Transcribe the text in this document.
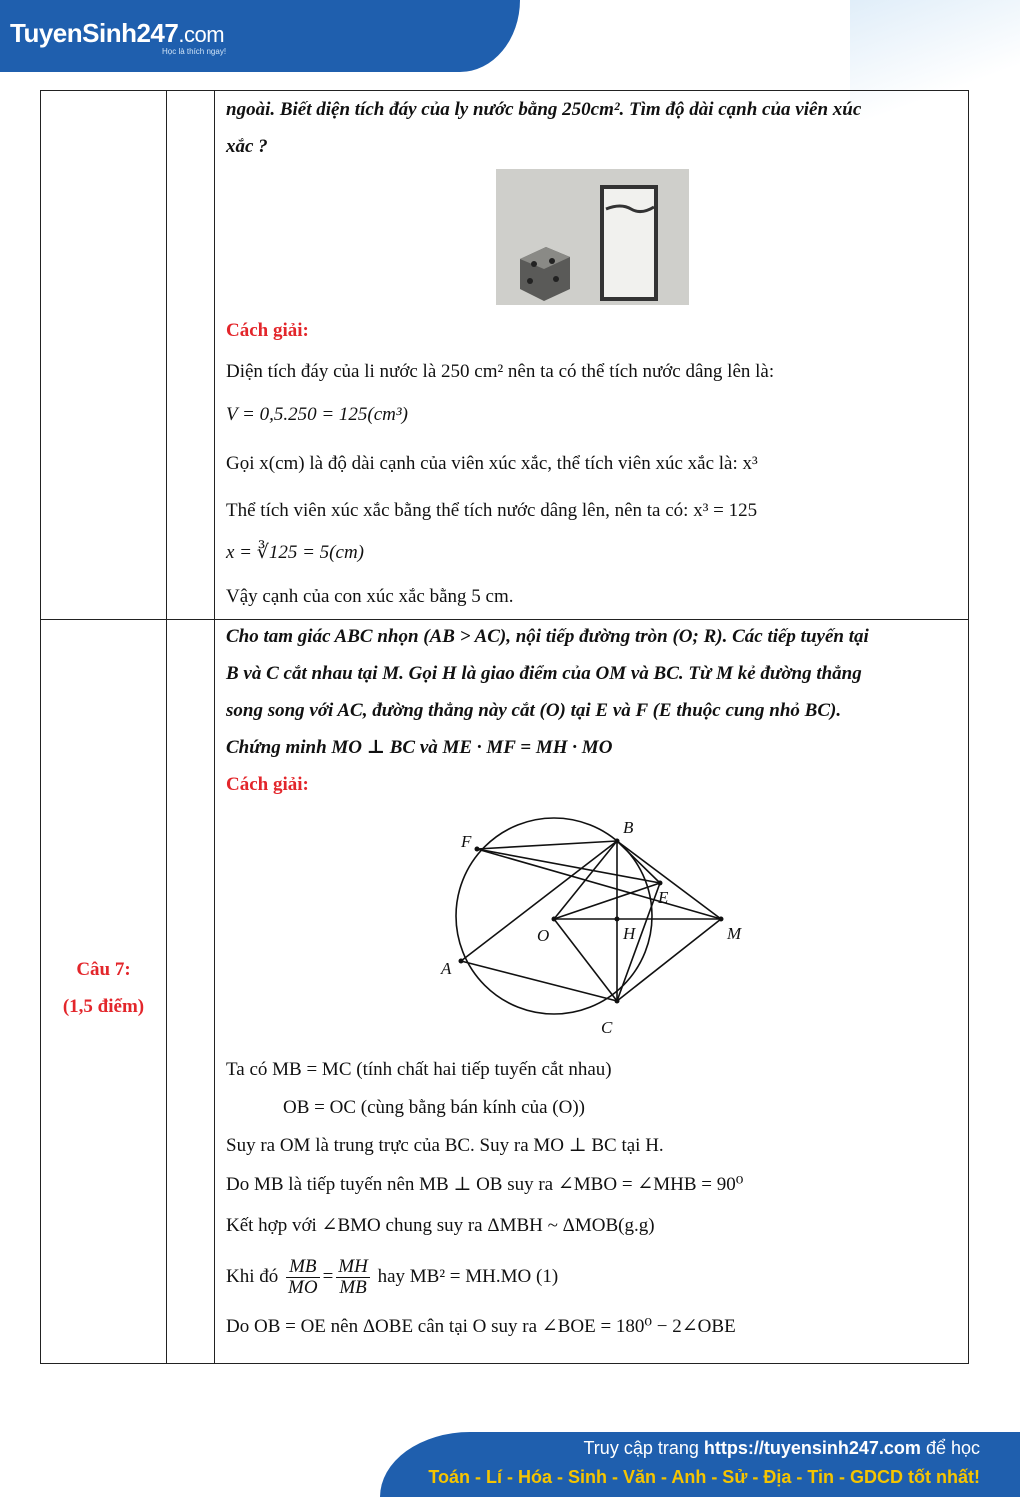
TuyenSinh247.com
Học là thích ngay!
ngoài. Biết diện tích đáy của ly nước bằng 250cm². Tìm độ dài cạnh của viên xúc
xắc ?
Cách giải:
Diện tích đáy của li nước là 250 cm² nên ta có thể tích nước dâng lên là:
V = 0,5.250 = 125(cm³)
Gọi x(cm) là độ dài cạnh của viên xúc xắc, thể tích viên xúc xắc là: x³
Thể tích viên xúc xắc bằng thể tích nước dâng lên, nên ta có: x³ = 125
x = ∛125 = 5(cm)
Vậy cạnh của con xúc xắc bằng 5 cm.
Câu 7:
(1,5 điểm)
Cho tam giác ABC nhọn (AB > AC), nội tiếp đường tròn (O; R). Các tiếp tuyến tại
B và C cắt nhau tại M. Gọi H là giao điểm của OM và BC. Từ M kẻ đường thẳng
song song với AC, đường thẳng này cắt (O) tại E và F (E thuộc cung nhỏ BC).
Chứng minh MO ⊥ BC và ME · MF = MH · MO
Cách giải:
B
F
E
O	H	M
A
C
Ta có MB = MC (tính chất hai tiếp tuyến cắt nhau)
OB = OC (cùng bằng bán kính của (O))
Suy ra OM là trung trực của BC. Suy ra MO ⊥ BC tại H.
Do MB là tiếp tuyến nên MB ⊥ OB suy ra ∠MBO = ∠MHB = 90⁰
Kết hợp với ∠BMO chung suy ra ΔMBH ~ ΔMOB(g.g)
Khi đó $\frac{MB}{MO} = \frac{MH}{MB}$ hay MB² = MH.MO (1)
Do OB = OE nên ΔOBE cân tại O suy ra ∠BOE = 180⁰ − 2∠OBE
Truy cập trang https://tuyensinh247.com để học
Toán - Lí - Hóa - Sinh - Văn - Anh - Sử - Địa - Tin - GDCD tốt nhất!
